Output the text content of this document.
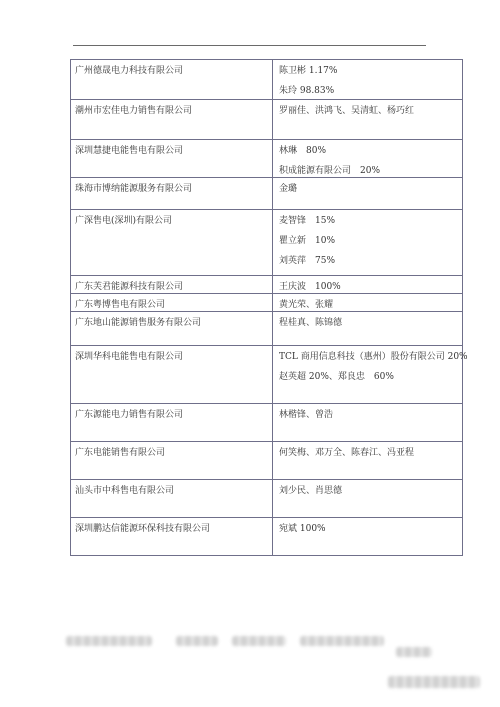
广州德晟电力科技有限公司	陈卫彬 1.17%
朱玲 98.83%

潮州市宏佳电力销售有限公司	罗丽佳、洪鸿飞、吴清虹、杨巧红

深圳慧捷电能售电有限公司	林琳　80%
积成能源有限公司　20%

珠海市博纳能源服务有限公司	金璐

广深售电(深圳)有限公司	麦智锋　15%
瞿立新　10%
刘英萍　75%

广东芙君能源科技有限公司	王庆波　100%

广东粤博售电有限公司	黄光荣、张耀

广东地山能源销售服务有限公司	程桂真、陈锦德

深圳华科电能售电有限公司	TCL 商用信息科技（惠州）股份有限公司 20%
赵英超 20%、郑良忠　60%

广东源能电力销售有限公司	林楷锋、曾浩

广东电能销售有限公司	何笑梅、邓万全、陈春江、冯亚程

汕头市中科售电有限公司	刘少民、肖思德

深圳鹏达信能源环保科技有限公司	宛斌 100%
